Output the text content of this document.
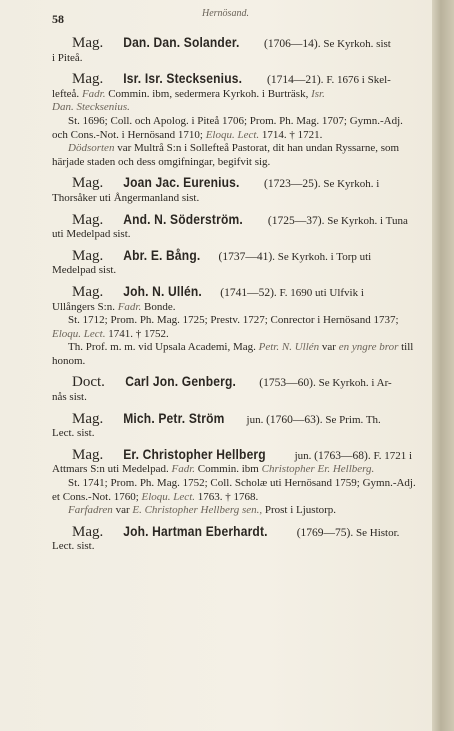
58	Hernösand.

Mag. Dan. Dan. Solander. (1706—14). Se Kyrkoh. sist

i Piteå.

Mag. Isr. Isr. Stecksenius. (1714—21). F. 1676 i Skel-

lefteå. Fadr. Commin. ibm, sedermera Kyrkoh. i Burträsk, Isr.
Dan. Stecksenius.

St. 1696; Coll. och Apolog. i Piteå 1706; Prom. Ph. Mag. 1707; Gymn.-Adj. och Cons.-Not. i Hernösand 1710; Eloqu. Lect. 1714. † 1721.

Dödsorten var Multrå S:n i Sollefteå Pastorat, dit han undan Ryssarne, som härjade staden och dess omgifningar, begifvit sig.

Mag. Joan Jac. Eurenius. (1723—25). Se Kyrkoh. i

Thorsåker uti Ångermanland sist.

Mag. And. N. Söderström. (1725—37). Se Kyrkoh. i Tuna

uti Medelpad sist.

Mag. Abr. E. Bång. (1737—41). Se Kyrkoh. i Torp uti

Medelpad sist.

Mag. Joh. N. Ullén. (1741—52). F. 1690 uti Ulfvik i

Ullångers S:n. Fadr. Bonde.

St. 1712; Prom. Ph. Mag. 1725; Prestv. 1727; Conrector i Hernösand 1737; Eloqu. Lect. 1741. † 1752.

Th. Prof. m. m. vid Upsala Academi, Mag. Petr. N. Ullén var en yngre bror till honom.

Doct. Carl Jon. Genberg. (1753—60). Se Kyrkoh. i Ar-

nås sist.

Mag. Mich. Petr. Ström jun. (1760—63). Se Prim. Th.

Lect. sist.

Mag. Er. Christopher Hellberg	jun. (1763—68). F. 1721 i

Attmars S:n uti Medelpad. Fadr. Commin. ibm Christopher Er. Hellberg.

St. 1741; Prom. Ph. Mag. 1752; Coll. Scholæ uti Hernösand 1759; Gymn.-Adj. et Cons.-Not. 1760; Eloqu. Lect. 1763. † 1768.

Farfadren var E. Christopher Hellberg sen., Prost i Ljustorp.

Mag. Joh. Hartman Eberhardt.	(1769—75). Se Histor.

Lect. sist.
